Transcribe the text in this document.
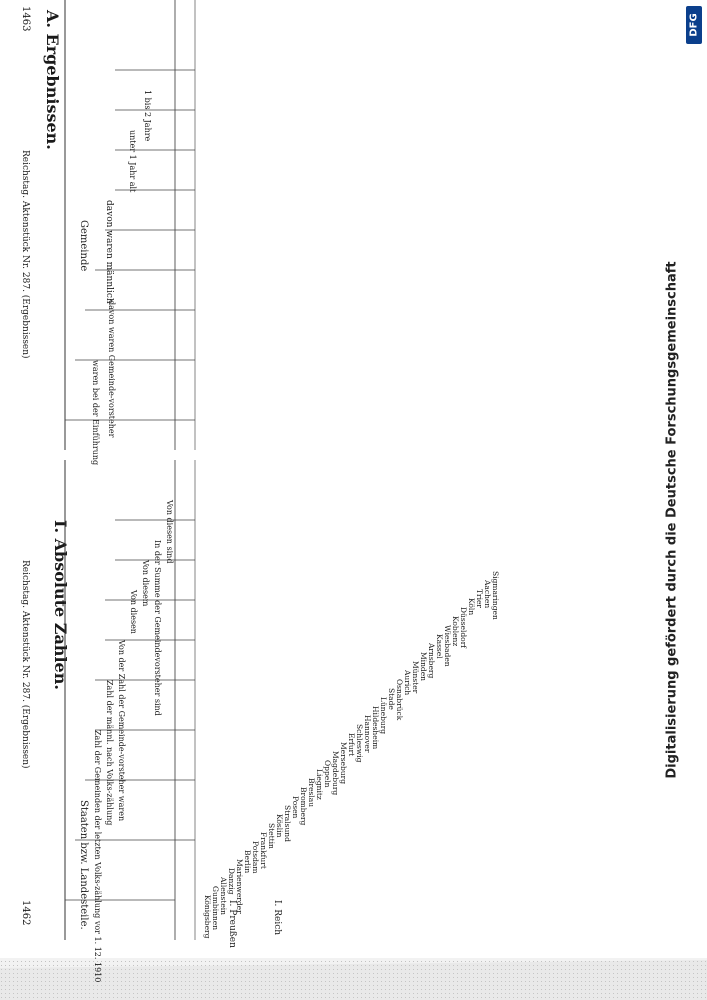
1462
1463
Reichstag. Aktenstück Nr. 287. (Ergebnissen)
Reichstag. Aktenstück Nr. 287. (Ergebnissen)
I. Absolute Zahlen.
Staaten bzw. Landesteile. Zahl der Gemeinden der letzten Volks-zählung vor 1. 12. 1910 Zahl der männl. nach Volks-zählung Von der Zahl der Gemeinde-vorsteher waren
Von diesen
Von diesem In der Summe der Gemeindevorsteher sind
Von diesen sind
I. Preußen	I. Reich
Königsberg Gumbinnen Allenstein Danzig Marienwerder Berlin Potsdam Frankfurt Stettin Köslin Stralsund Posen Bromberg Breslau Liegnitz Oppeln Magdeburg Merseburg Erfurt Schleswig Hannover Hildesheim Lüneburg Stade Osnabrück Aurich Münster Minden Arnsberg Kassel Wiesbaden Koblenz Düsseldorf
Köln Trier Aachen Sigmaringen
A. Ergebnissen.
Gemeinde davon waren männlich
waren bei der Einführung davon waren Gemeinde-vorsteher
unter 1 Jahr alt
1 bis 2 Jahre
Digitalisierung gefördert durch die Deutsche Forschungsgemeinschaft
DFG
